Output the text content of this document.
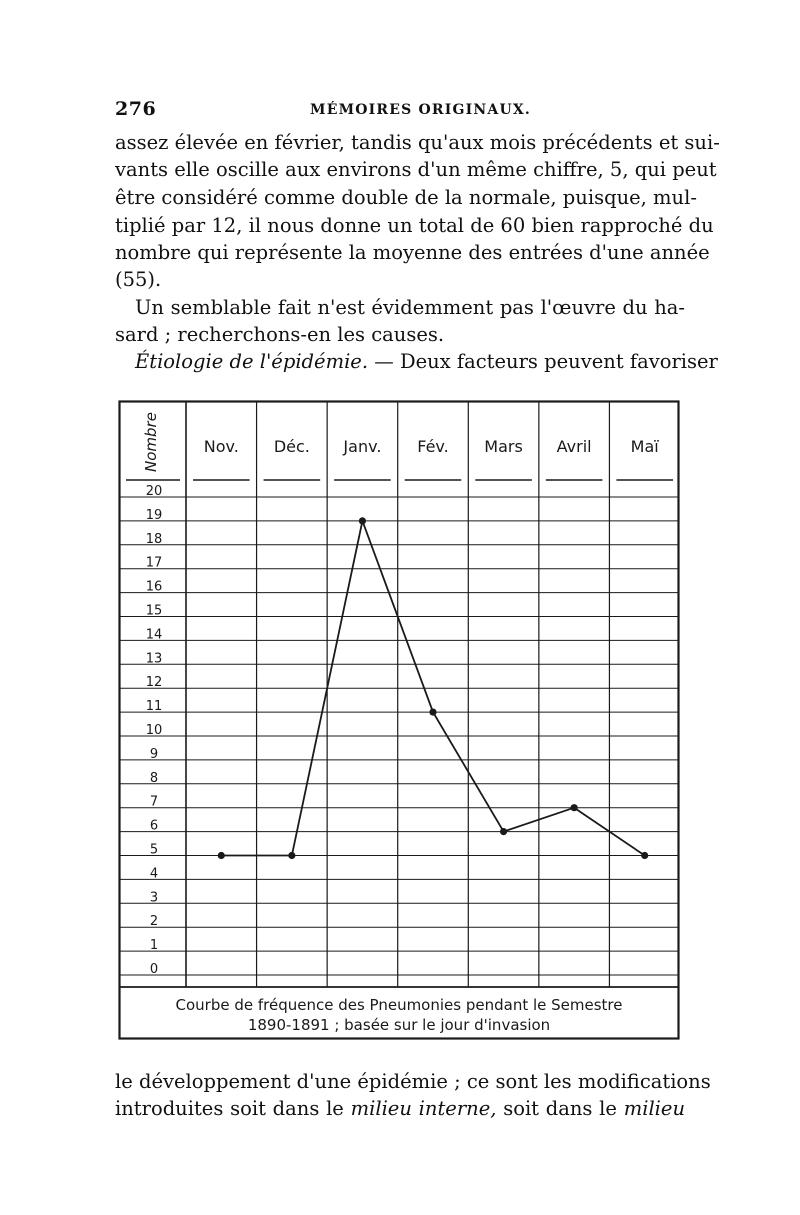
276	MÉMOIRES ORIGINAUX.
assez élevée en février, tandis qu'aux mois précédents et sui-
vants elle oscille aux environs d'un même chiffre, 5, qui peut
être considéré comme double de la normale, puisque, mul-
tiplié par 12, il nous donne un total de 60 bien rapproché du
nombre qui représente la moyenne des entrées d'une année
(55).
Un semblable fait n'est évidemment pas l'œuvre du ha-
sard ; recherchons-en les causes.
Étiologie de l'épidémie. — Deux facteurs peuvent favoriser
Nombre
20
19
18
17
16
15
14
13
12
11
10
9
8
7
6
5
4
3
2
1
0
Nov. Déc. Janv. Fév. Mars Avril Maï
Courbe de fréquence des Pneumonies pendant le Semestre
1890-1891 ; basée sur le jour d'invasion
le développement d'une épidémie ; ce sont les modifications
introduites soit dans le milieu interne, soit dans le milieu
